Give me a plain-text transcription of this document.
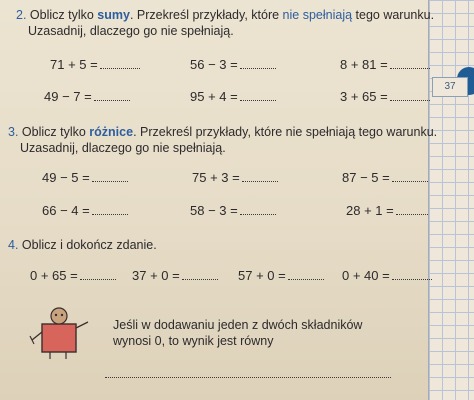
37
2. Oblicz tylko sumy. Przekreśl przykłady, które nie spełniają tego warunku.
Uzasadnij, dlaczego go nie spełniają.
71 + 5 =	56 − 3 =	8 + 81 =
49 − 7 =	95 + 4 =	3 + 65 =
3. Oblicz tylko różnice. Przekreśl przykłady, które nie spełniają tego warunku.
Uzasadnij, dlaczego go nie spełniają.
49 − 5 =	75 + 3 =	87 − 5 =
66 − 4 =	58 − 3 =	28 + 1 =
4. Oblicz i dokończ zdanie.
0 + 65 =	37 + 0 =	57 + 0 =	0 + 40 =
Jeśli w dodawaniu jeden z dwóch składników
wynosi 0, to wynik jest równy
